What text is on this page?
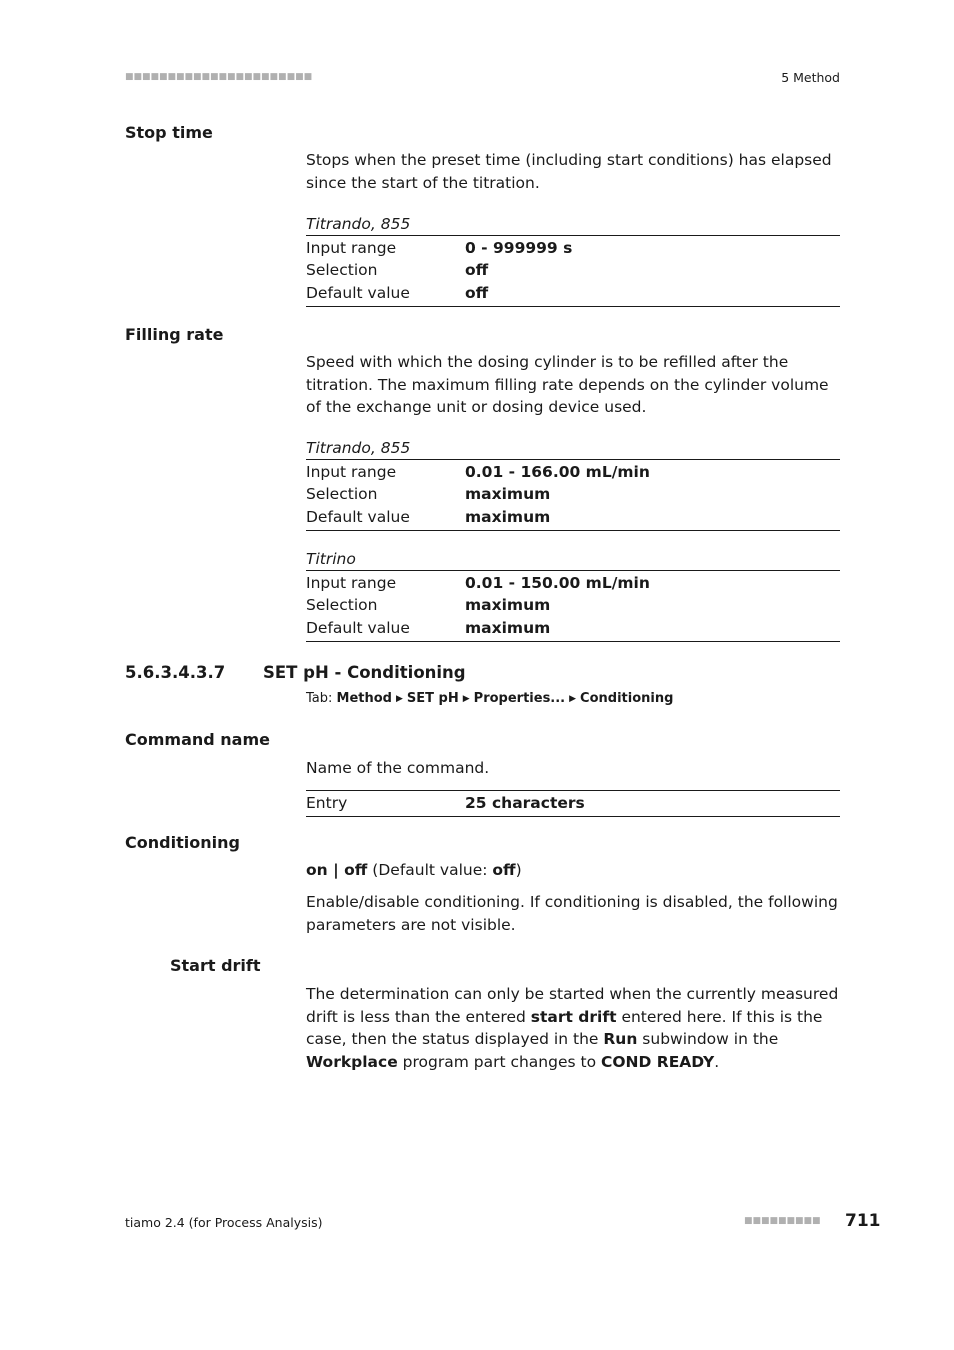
■■■■■■■■■■■■■■■■■■■■■■	5 Method
Stop time

Stops when the preset time (including start conditions) has elapsed since the start of the titration.

Titrando, 855
Input range	0 - 999999 s
Selection	off
Default value	off
Filling rate

Speed with which the dosing cylinder is to be refilled after the titration. The maximum filling rate depends on the cylinder volume of the exchange unit or dosing device used.

Titrando, 855
Input range	0.01 - 166.00 mL/min
Selection	maximum
Default value	maximum
Titrino
Input range	0.01 - 150.00 mL/min
Selection	maximum
Default value	maximum
5.6.3.4.3.7 SET pH - Conditioning
Tab: Method ▶ SET pH ▶ Properties... ▶ Conditioning
Command name

Name of the command.

Entry	25 characters
Conditioning

on | off (Default value: off)

Enable/disable conditioning. If conditioning is disabled, the following parameters are not visible.

Start drift

The determination can only be started when the currently measured drift is less than the entered start drift entered here. If this is the case, then the status displayed in the Run subwindow in the Workplace program part changes to COND READY.

tiamo 2.4 (for Process Analysis)	■■■■■■■■■ 711
